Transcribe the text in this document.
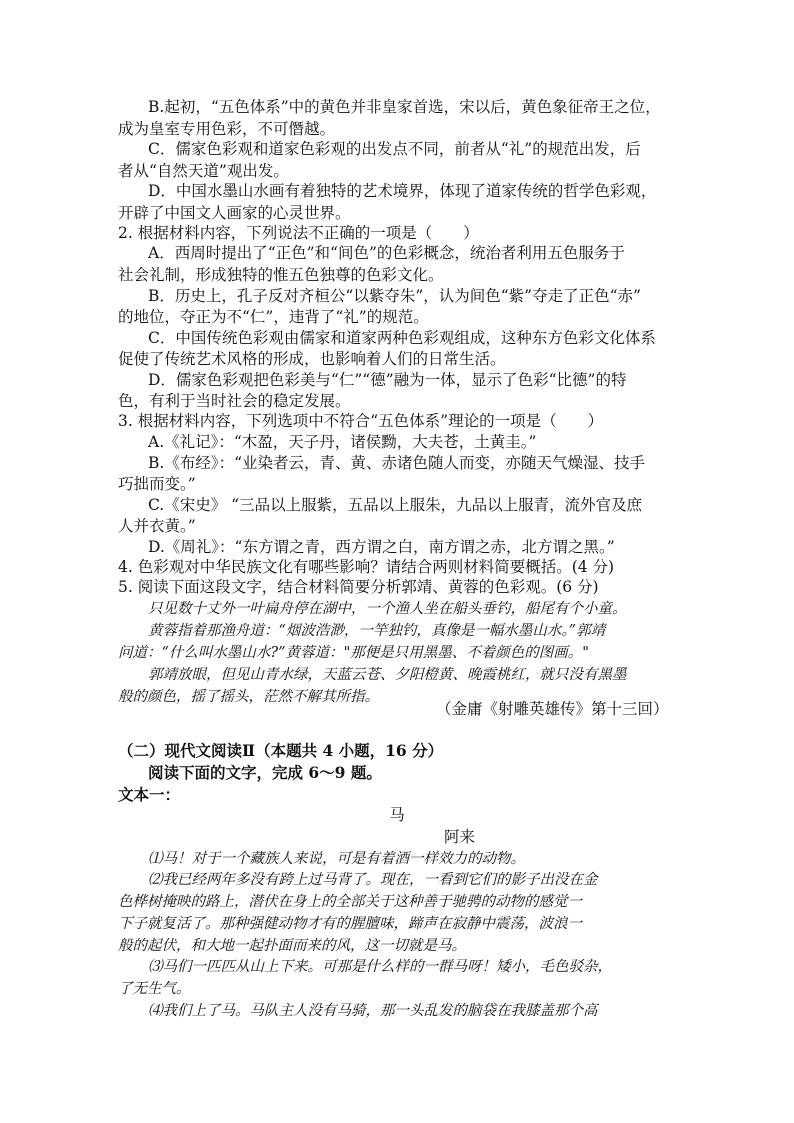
B.起初，“五色体系”中的黄色并非皇家首选，宋以后，黄色象征帝王之位，
成为皇室专用色彩，不可僭越。
C．儒家色彩观和道家色彩观的出发点不同，前者从“礼”的规范出发，后
者从“自然天道”观出发。
D．中国水墨山水画有着独特的艺术境界，体现了道家传统的哲学色彩观，
开辟了中国文人画家的心灵世界。
2. 根据材料内容，下列说法不正确的一项是（　　）
A．西周时提出了“正色”和“间色”的色彩概念，统治者利用五色服务于
社会礼制，形成独特的惟五色独尊的色彩文化。
B．历史上，孔子反对齐桓公“以紫夺朱”，认为间色“紫”夺走了正色“赤”
的地位，夺正为不“仁”，违背了“礼”的规范。
C．中国传统色彩观由儒家和道家两种色彩观组成，这种东方色彩文化体系
促使了传统艺术风格的形成，也影响着人们的日常生活。
D．儒家色彩观把色彩美与“仁”“德”融为一体，显示了色彩“比德”的特
色，有利于当时社会的稳定发展。
3. 根据材料内容，下列选项中不符合“五色体系”理论的一项是（　　）
A.《礼记》：“木盈，天子丹，诸侯黝，大夫苍，土黄圭。”
B.《布经》：“业染者云，青、黄、赤诸色随人而变，亦随天气燥湿、技手
巧拙而变。”
C.《宋史》 “三品以上服紫，五品以上服朱，九品以上服青，流外官及庶
人并衣黄。”
D.《周礼》：“东方谓之青，西方谓之白，南方谓之赤，北方谓之黑。”
4. 色彩观对中华民族文化有哪些影响？请结合两则材料简要概括。(4 分)
5. 阅读下面这段文字，结合材料简要分析郭靖、黄蓉的色彩观。(6 分)
只见数十丈外一叶扁舟停在湖中，一个渔人坐在船头垂钓，船尾有个小童。
黄蓉指着那渔舟道：“烟波浩渺，一竿独钓，真像是一幅水墨山水。”郭靖
问道：“什么叫水墨山水?”黄蓉道："那便是只用黑墨、不着颜色的图画。"
郭靖放眼，但见山青水绿，天蓝云苍、夕阳橙黄、晚霞桃红，就只没有黑墨
般的颜色，摇了摇头，茫然不解其所指。
（金庸《射雕英雄传》第十三回）
（二）现代文阅读Ⅱ（本题共 4 小题，16 分）
阅读下面的文字，完成 6～9 题。
文本一：
马
阿来
⑴马！对于一个藏族人来说，可是有着酒一样效力的动物。
⑵我已经两年多没有跨上过马背了。现在，一看到它们的影子出没在金
色桦树掩映的路上，潜伏在身上的全部关于这种善于驰骋的动物的感觉一
下子就复活了。那种强健动物才有的腥膻味，蹄声在寂静中震荡，波浪一
般的起伏，和大地一起扑面而来的风，这一切就是马。
⑶马们一匹匹从山上下来。可那是什么样的一群马呀！矮小，毛色驳杂，
了无生气。
⑷我们上了马。马队主人没有马骑，那一头乱发的脑袋在我膝盖那个高
